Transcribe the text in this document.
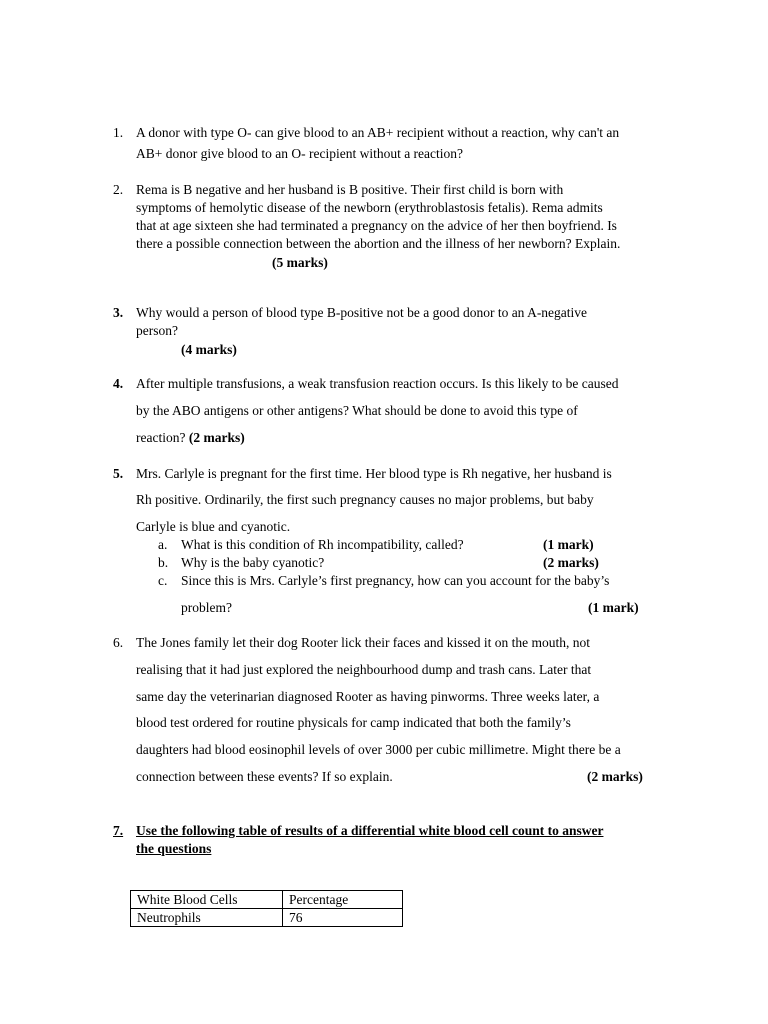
1. A donor with type O- can give blood to an AB+ recipient without a reaction, why can't an
AB+ donor give blood to an O- recipient without a reaction?
2. Rema is B negative and her husband is B positive. Their first child is born with
symptoms of hemolytic disease of the newborn (erythroblastosis fetalis). Rema admits
that at age sixteen she had terminated a pregnancy on the advice of her then boyfriend. Is
there a possible connection between the abortion and the illness of her newborn? Explain.
(5 marks)
3. Why would a person of blood type B-positive not be a good donor to an A-negative
person?
(4 marks)
4. After multiple transfusions, a weak transfusion reaction occurs. Is this likely to be caused
by the ABO antigens or other antigens? What should be done to avoid this type of
reaction? (2 marks)
5. Mrs. Carlyle is pregnant for the first time. Her blood type is Rh negative, her husband is
Rh positive. Ordinarily, the first such pregnancy causes no major problems, but baby
Carlyle is blue and cyanotic.
a. What is this condition of Rh incompatibility, called?	(1 mark)
b. Why is the baby cyanotic?	(2 marks)
c. Since this is Mrs. Carlyle’s first pregnancy, how can you account for the baby’s
problem?	(1 mark)
6. The Jones family let their dog Rooter lick their faces and kissed it on the mouth, not
realising that it had just explored the neighbourhood dump and trash cans. Later that
same day the veterinarian diagnosed Rooter as having pinworms. Three weeks later, a
blood test ordered for routine physicals for camp indicated that both the family’s
daughters had blood eosinophil levels of over 3000 per cubic millimetre. Might there be a
connection between these events? If so explain.	(2 marks)
7. Use the following table of results of a differential white blood cell count to answer
the questions
White Blood Cells	Percentage
Neutrophils	76
